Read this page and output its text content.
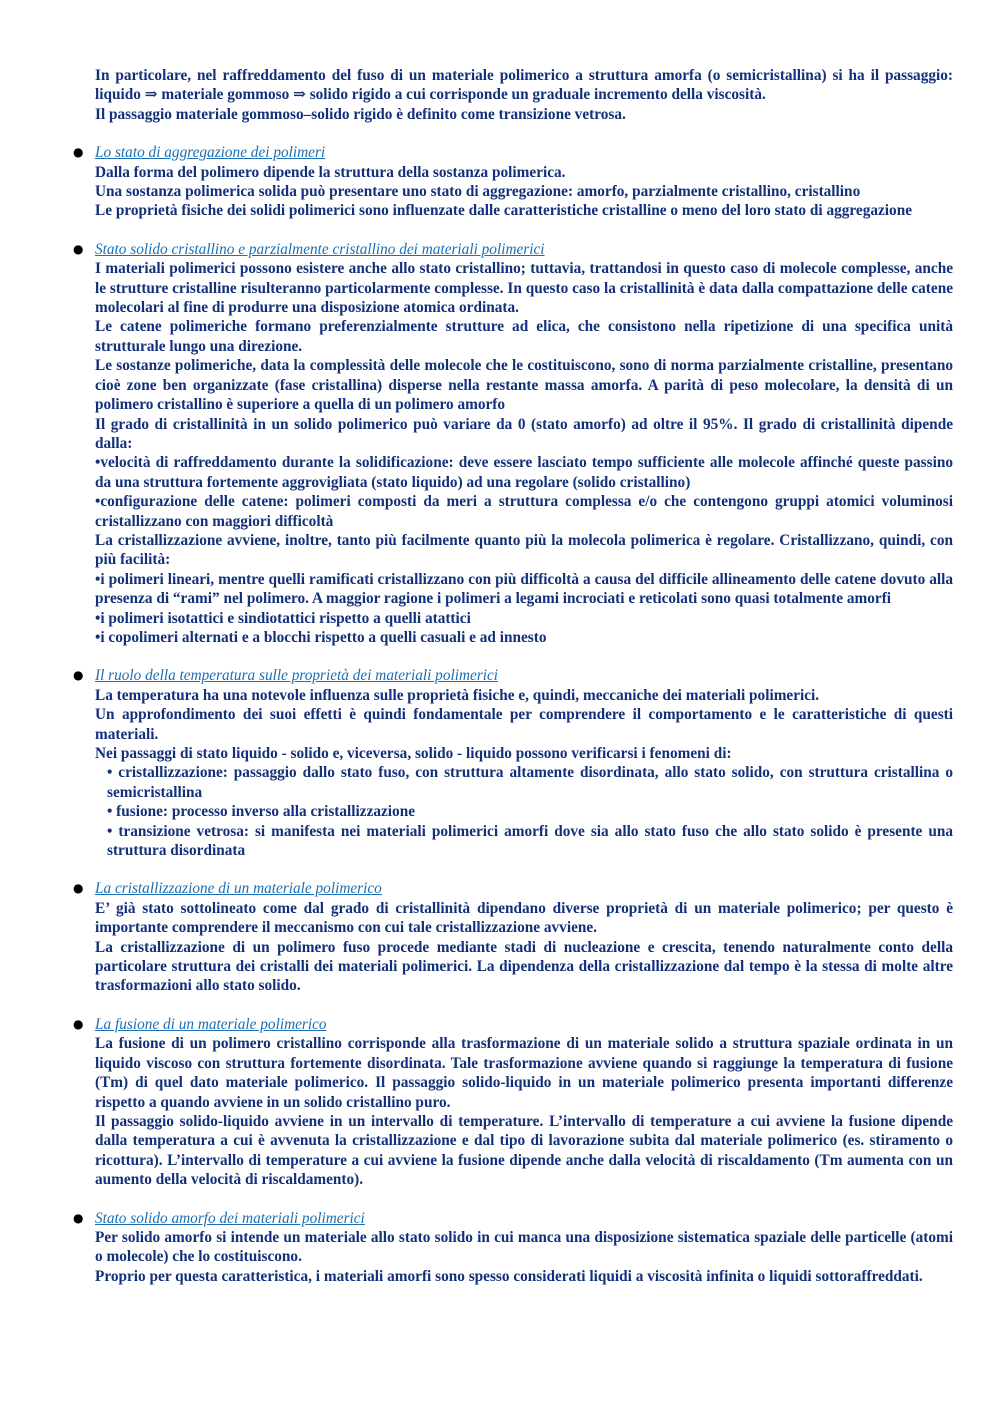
In particolare, nel raffreddamento del fuso di un materiale polimerico a struttura amorfa (o semicristallina) si ha il passaggio: liquido ⇒ materiale gommoso ⇒ solido rigido a cui corrisponde un graduale incremento della viscosità.

Il passaggio materiale gommoso–solido rigido è definito come transizione vetrosa.

● Lo stato di aggregazione dei polimeri

Dalla forma del polimero dipende la struttura della sostanza polimerica.

Una sostanza polimerica solida può presentare uno stato di aggregazione: amorfo, parzialmente cristallino, cristallino

Le proprietà fisiche dei solidi polimerici sono influenzate dalle caratteristiche cristalline o meno del loro stato di aggregazione

● Stato solido cristallino e parzialmente cristallino dei materiali polimerici

I materiali polimerici possono esistere anche allo stato cristallino; tuttavia, trattandosi in questo caso di molecole complesse, anche le strutture cristalline risulteranno particolarmente complesse. In questo caso la cristallinità è data dalla compattazione delle catene molecolari al fine di produrre una disposizione atomica ordinata.

Le catene polimeriche formano preferenzialmente strutture ad elica, che consistono nella ripetizione di una specifica unità strutturale lungo una direzione.

Le sostanze polimeriche, data la complessità delle molecole che le costituiscono, sono di norma parzialmente cristalline, presentano cioè zone ben organizzate (fase cristallina) disperse nella restante massa amorfa. A parità di peso molecolare, la densità di un polimero cristallino è superiore a quella di un polimero amorfo

Il grado di cristallinità in un solido polimerico può variare da 0 (stato amorfo) ad oltre il 95%. Il grado di cristallinità dipende dalla:

•velocità di raffreddamento durante la solidificazione: deve essere lasciato tempo sufficiente alle molecole affinché queste passino da una struttura fortemente aggrovigliata (stato liquido) ad una regolare (solido cristallino)

•configurazione delle catene: polimeri composti da meri a struttura complessa e/o che contengono gruppi atomici voluminosi cristallizzano con maggiori difficoltà

La cristallizzazione avviene, inoltre, tanto più facilmente quanto più la molecola polimerica è regolare. Cristallizzano, quindi, con più facilità:

•i polimeri lineari, mentre quelli ramificati cristallizzano con più difficoltà a causa del difficile allineamento delle catene dovuto alla presenza di “rami” nel polimero. A maggior ragione i polimeri a legami incrociati e reticolati sono quasi totalmente amorfi

•i polimeri isotattici e sindiotattici rispetto a quelli atattici

•i copolimeri alternati e a blocchi rispetto a quelli casuali e ad innesto

● Il ruolo della temperatura sulle proprietà dei materiali polimerici

La temperatura ha una notevole influenza sulle proprietà fisiche e, quindi, meccaniche dei materiali polimerici.

Un approfondimento dei suoi effetti è quindi fondamentale per comprendere il comportamento e le caratteristiche di questi materiali.

Nei passaggi di stato liquido - solido e, viceversa, solido - liquido possono verificarsi i fenomeni di:

• cristallizzazione: passaggio dallo stato fuso, con struttura altamente disordinata, allo stato solido, con struttura cristallina o semicristallina

• fusione: processo inverso alla cristallizzazione

• transizione vetrosa: si manifesta nei materiali polimerici amorfi dove sia allo stato fuso che allo stato solido è presente una struttura disordinata

● La cristallizzazione di un materiale polimerico

E’ già stato sottolineato come dal grado di cristallinità dipendano diverse proprietà di un materiale polimerico; per questo è importante comprendere il meccanismo con cui tale cristallizzazione avviene.

La cristallizzazione di un polimero fuso procede mediante stadi di nucleazione e crescita, tenendo naturalmente conto della particolare struttura dei cristalli dei materiali polimerici. La dipendenza della cristallizzazione dal tempo è la stessa di molte altre trasformazioni allo stato solido.

● La fusione di un materiale polimerico

La fusione di un polimero cristallino corrisponde alla trasformazione di un materiale solido a struttura spaziale ordinata in un liquido viscoso con struttura fortemente disordinata. Tale trasformazione avviene quando si raggiunge la temperatura di fusione (Tm) di quel dato materiale polimerico. Il passaggio solido-liquido in un materiale polimerico presenta importanti differenze rispetto a quando avviene in un solido cristallino puro.

Il passaggio solido-liquido avviene in un intervallo di temperature. L’intervallo di temperature a cui avviene la fusione dipende dalla temperatura a cui è avvenuta la cristallizzazione e dal tipo di lavorazione subita dal materiale polimerico (es. stiramento o ricottura). L’intervallo di temperature a cui avviene la fusione dipende anche dalla velocità di riscaldamento (Tm aumenta con un aumento della velocità di riscaldamento).

● Stato solido amorfo dei materiali polimerici

Per solido amorfo si intende un materiale allo stato solido in cui manca una disposizione sistematica spaziale delle particelle (atomi o molecole) che lo costituiscono.

Proprio per questa caratteristica, i materiali amorfi sono spesso considerati liquidi a viscosità infinita o liquidi sottoraffreddati.
